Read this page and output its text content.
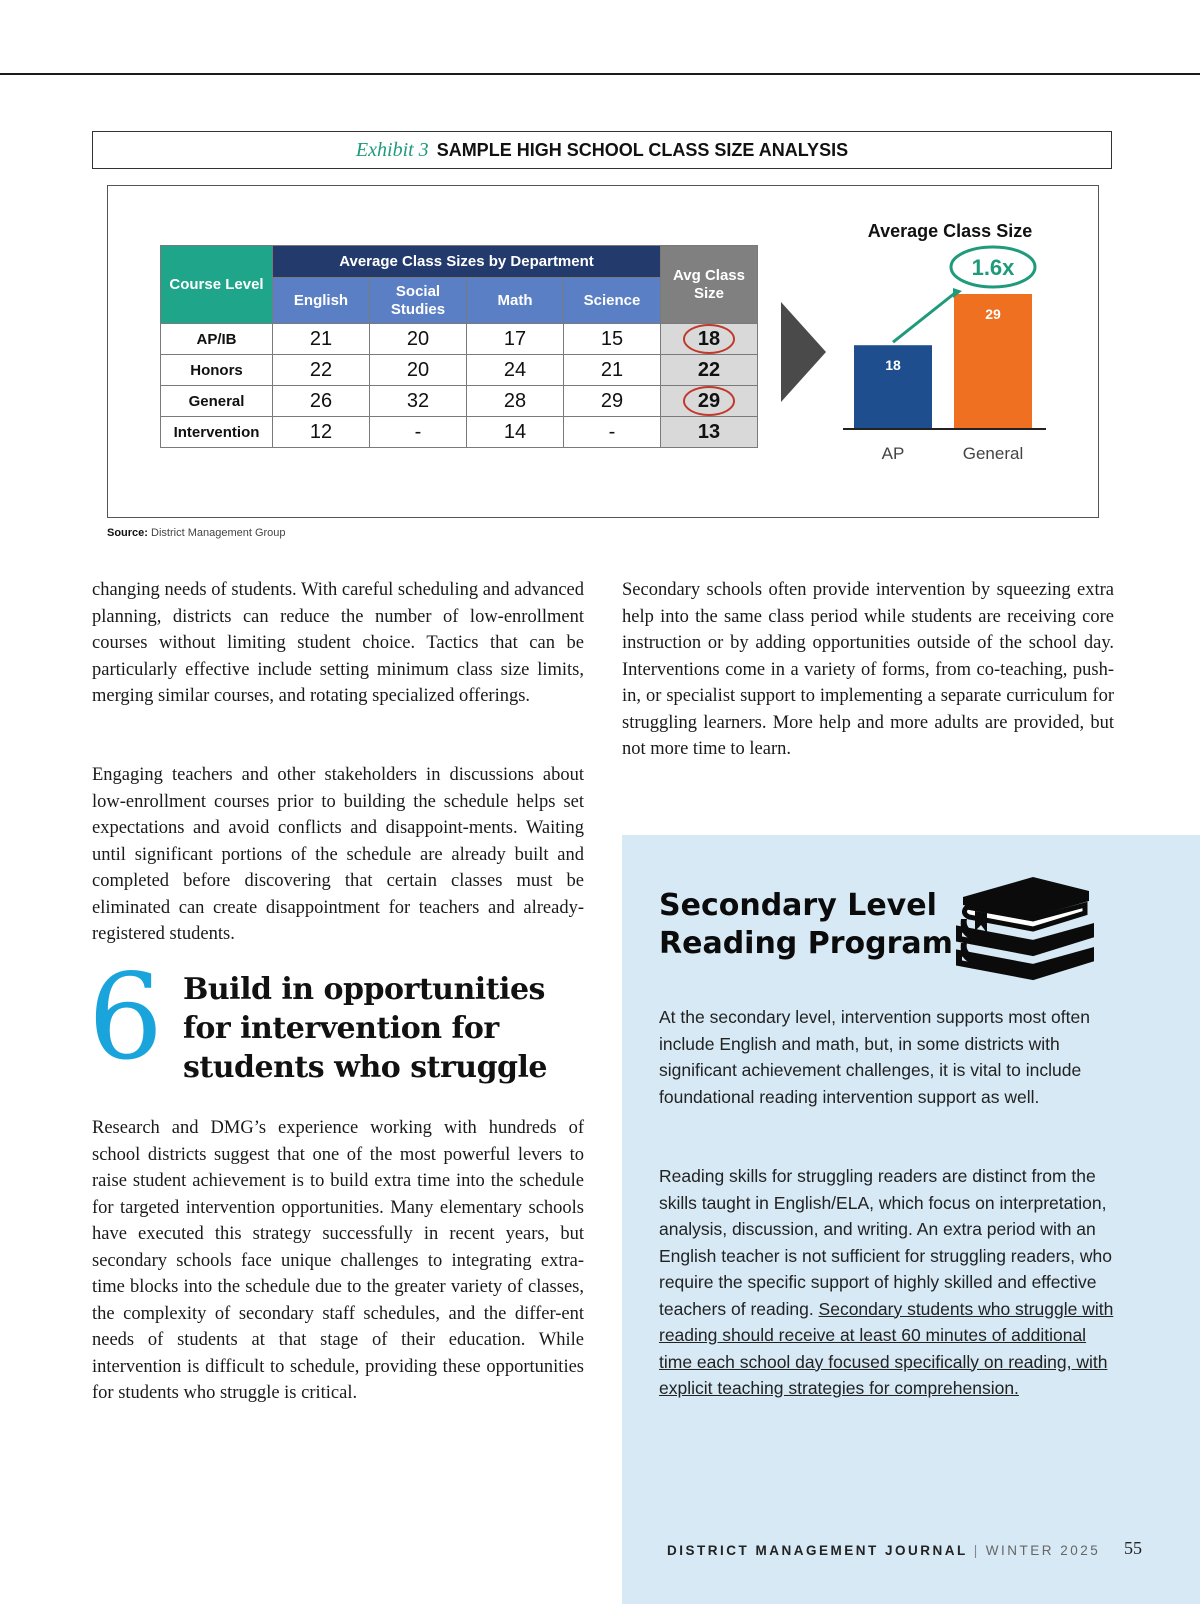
Exhibit 3 SAMPLE HIGH SCHOOL CLASS SIZE ANALYSIS
Course Level	Average Class Sizes by Department				Avg Class Size
	English	Social Studies	Math	Science	
AP/IB	21	20	17	15	18
Honors	22	20	24	21	22
General	26	32	28	29	29
Intervention	12	-	14	-	13
Average Class Size
18
AP
29
General
1.6x
Source: District Management Group

changing needs of students. With careful scheduling and advanced planning, districts can reduce the number of low-enrollment courses without limiting student choice. Tactics that can be particularly effective include setting minimum class size limits, merging similar courses, and rotating specialized offerings.

Engaging teachers and other stakeholders in discussions about low-enrollment courses prior to building the schedule helps set expectations and avoid conflicts and disappoint-ments. Waiting until significant portions of the schedule are already built and completed before discovering that certain classes must be eliminated can create disappointment for teachers and already-registered students.

6 Build in opportunities for intervention for students who struggle

Research and DMG’s experience working with hundreds of school districts suggest that one of the most powerful levers to raise student achievement is to build extra time into the schedule for targeted intervention opportunities. Many elementary schools have executed this strategy successfully in recent years, but secondary schools face unique challenges to integrating extra-time blocks into the schedule due to the greater variety of classes, the complexity of secondary staff schedules, and the differ-ent needs of students at that stage of their education. While intervention is difficult to schedule, providing these opportunities for students who struggle is critical.

Secondary schools often provide intervention by squeezing extra help into the same class period while students are receiving core instruction or by adding opportunities outside of the school day. Interventions come in a variety of forms, from co-teaching, push-in, or specialist support to implementing a separate curriculum for struggling learners. More help and more adults are provided, but not more time to learn.

Secondary Level Reading Program

At the secondary level, intervention supports most often include English and math, but, in some districts with significant achievement challenges, it is vital to include foundational reading intervention support as well.

Reading skills for struggling readers are distinct from the skills taught in English/ELA, which focus on interpretation, analysis, discussion, and writing. An extra period with an English teacher is not sufficient for struggling readers, who require the specific support of highly skilled and effective teachers of reading. Secondary students who struggle with reading should receive at least 60 minutes of additional time each school day focused specifically on reading, with explicit teaching strategies for comprehension.

DISTRICT MANAGEMENT JOURNAL | WINTER 2025 55
